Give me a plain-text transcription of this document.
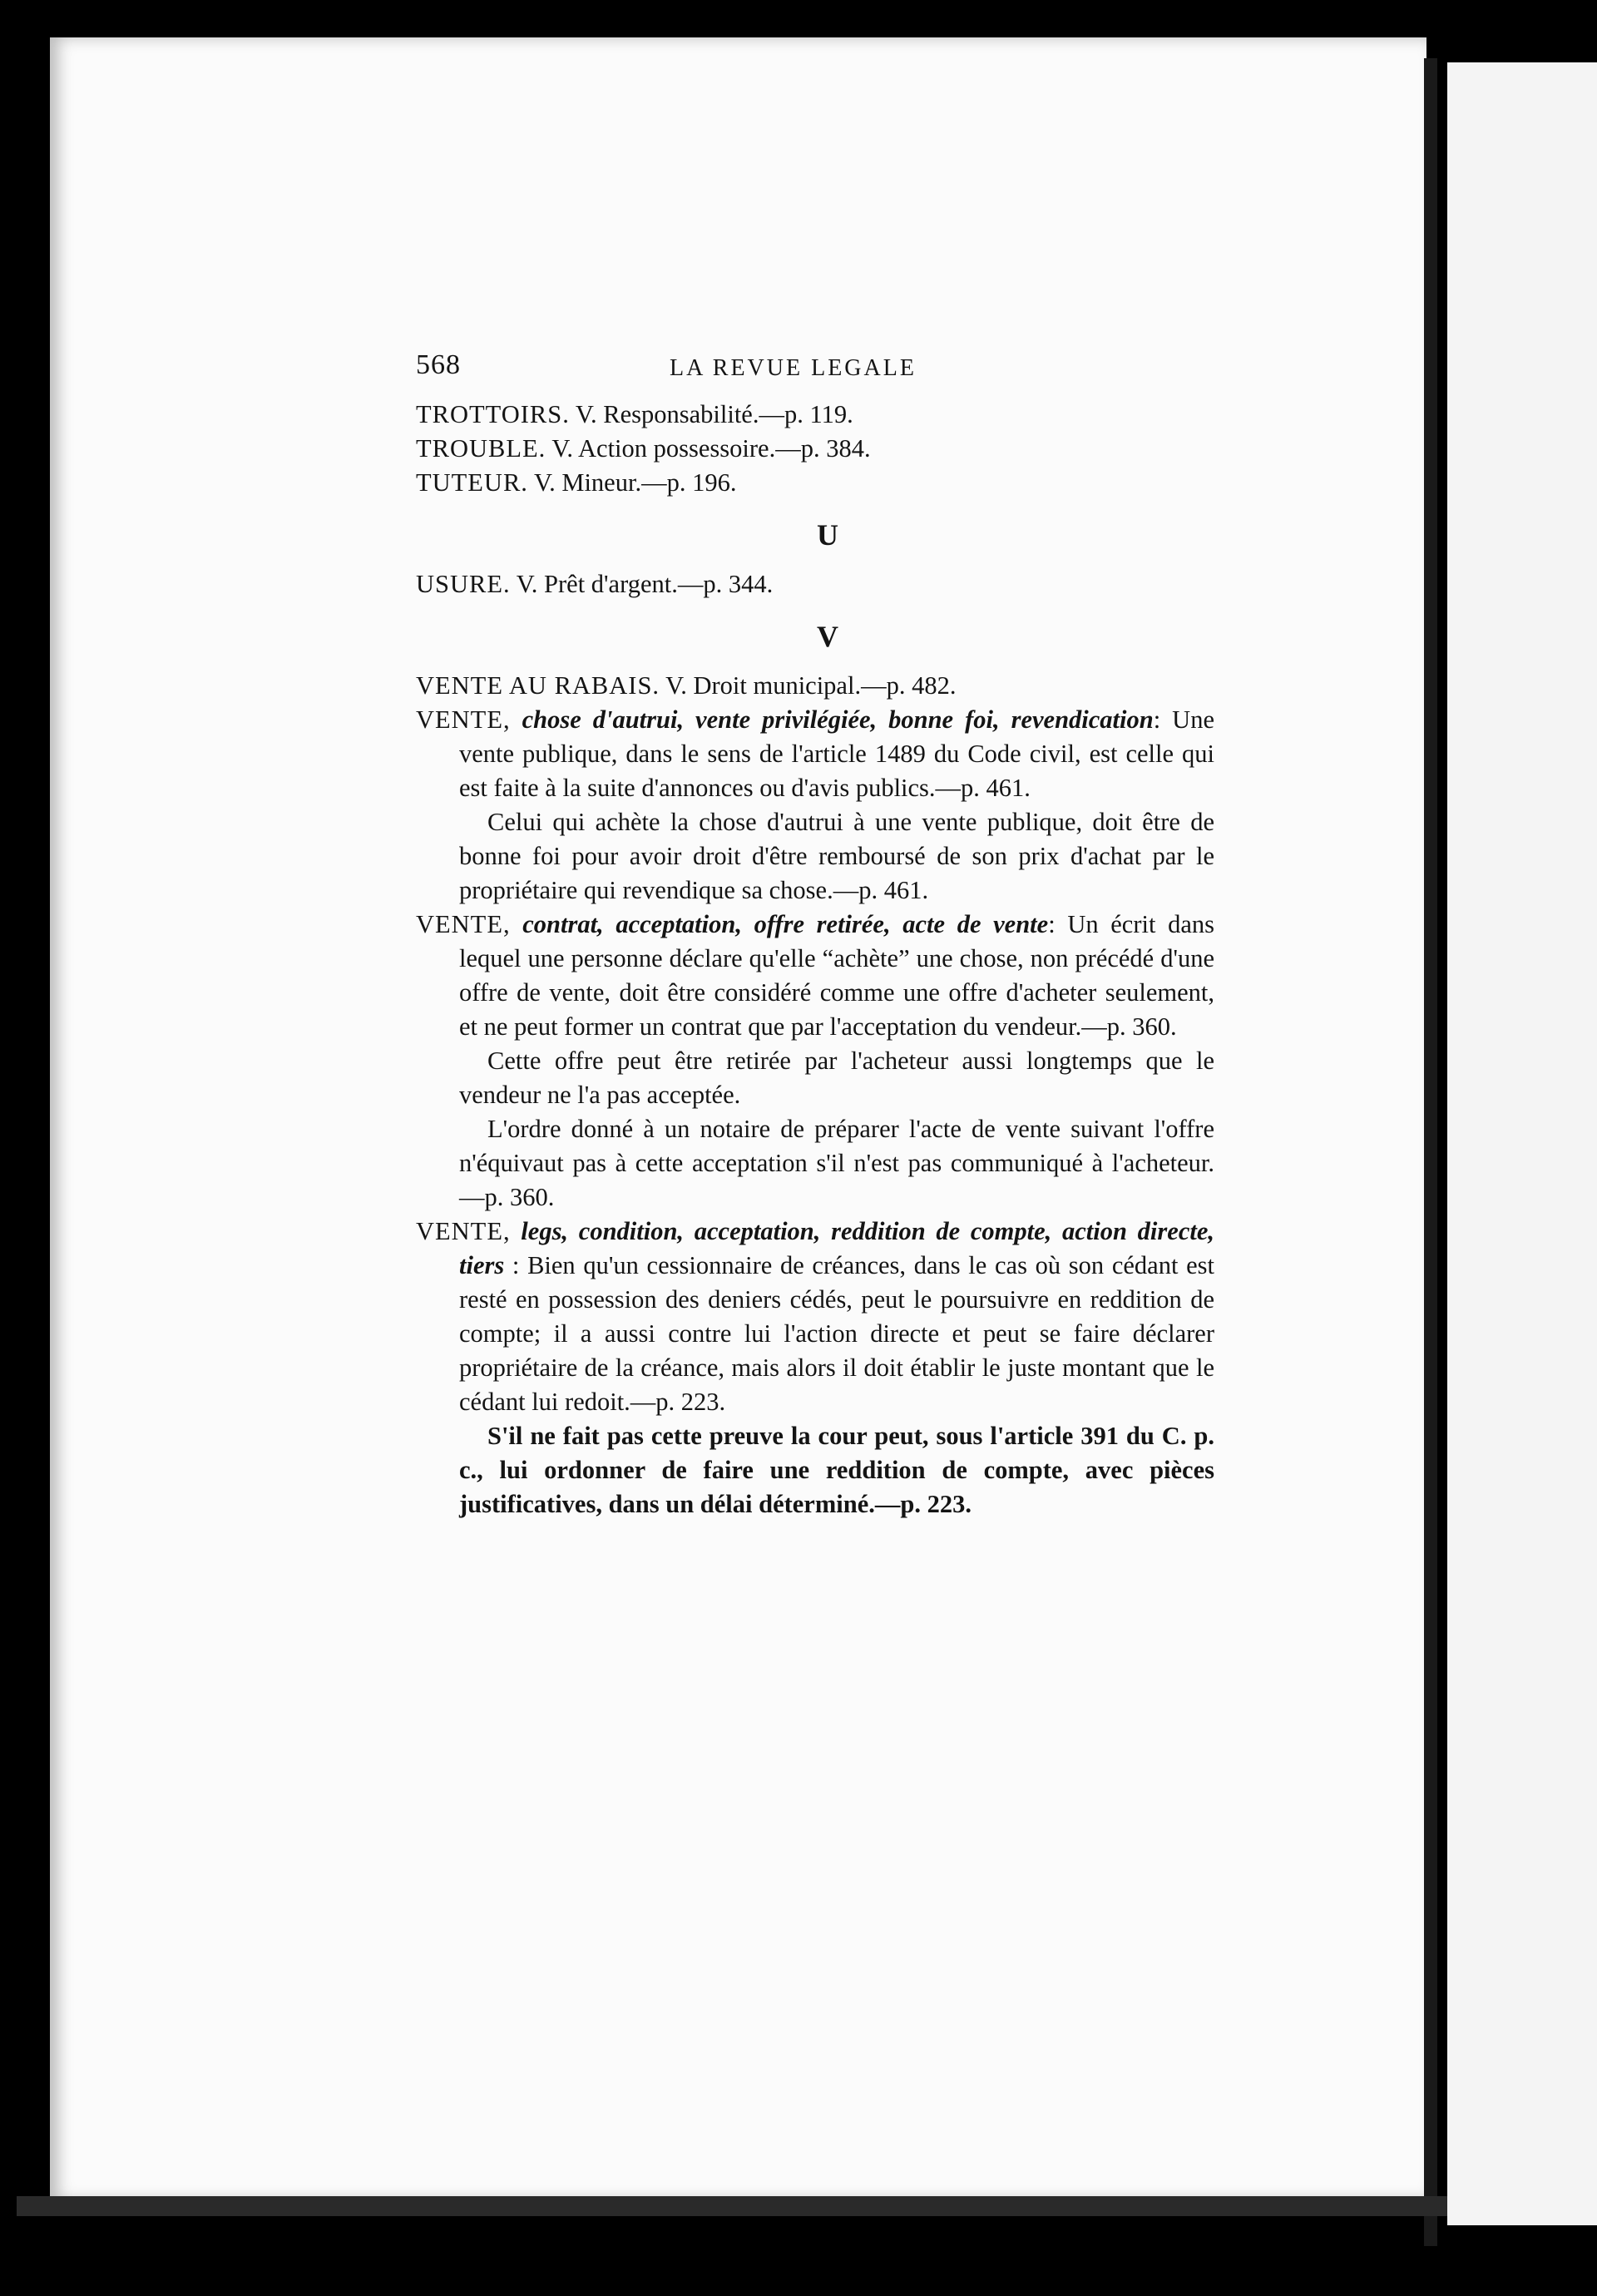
568	LA REVUE LEGALE

TROTTOIRS. V. Responsabilité.—p. 119.

TROUBLE. V. Action possessoire.—p. 384.

TUTEUR. V. Mineur.—p. 196.

U

USURE. V. Prêt d'argent.—p. 344.

V

VENTE AU RABAIS. V. Droit municipal.—p. 482.

VENTE, chose d'autrui, vente privilégiée, bonne foi, revendication: Une vente publique, dans le sens de l'article 1489 du Code civil, est celle qui est faite à la suite d'annonces ou d'avis publics.—p. 461.

Celui qui achète la chose d'autrui à une vente publique, doit être de bonne foi pour avoir droit d'être remboursé de son prix d'achat par le propriétaire qui revendique sa chose.—p. 461.

VENTE, contrat, acceptation, offre retirée, acte de vente: Un écrit dans lequel une personne déclare qu'elle “achète” une chose, non précédé d'une offre de vente, doit être considéré comme une offre d'acheter seulement, et ne peut former un contrat que par l'acceptation du vendeur.—p. 360.

Cette offre peut être retirée par l'acheteur aussi longtemps que le vendeur ne l'a pas acceptée.

L'ordre donné à un notaire de préparer l'acte de vente suivant l'offre n'équivaut pas à cette acceptation s'il n'est pas communiqué à l'acheteur.—p. 360.

VENTE, legs, condition, acceptation, reddition de compte, action directe, tiers : Bien qu'un cessionnaire de créances, dans le cas où son cédant est resté en possession des deniers cédés, peut le poursuivre en reddition de compte; il a aussi contre lui l'action directe et peut se faire déclarer propriétaire de la créance, mais alors il doit établir le juste montant que le cédant lui redoit.—p. 223.

S'il ne fait pas cette preuve la cour peut, sous l'article 391 du C. p. c., lui ordonner de faire une reddition de compte, avec pièces justificatives, dans un délai déterminé.—p. 223.
